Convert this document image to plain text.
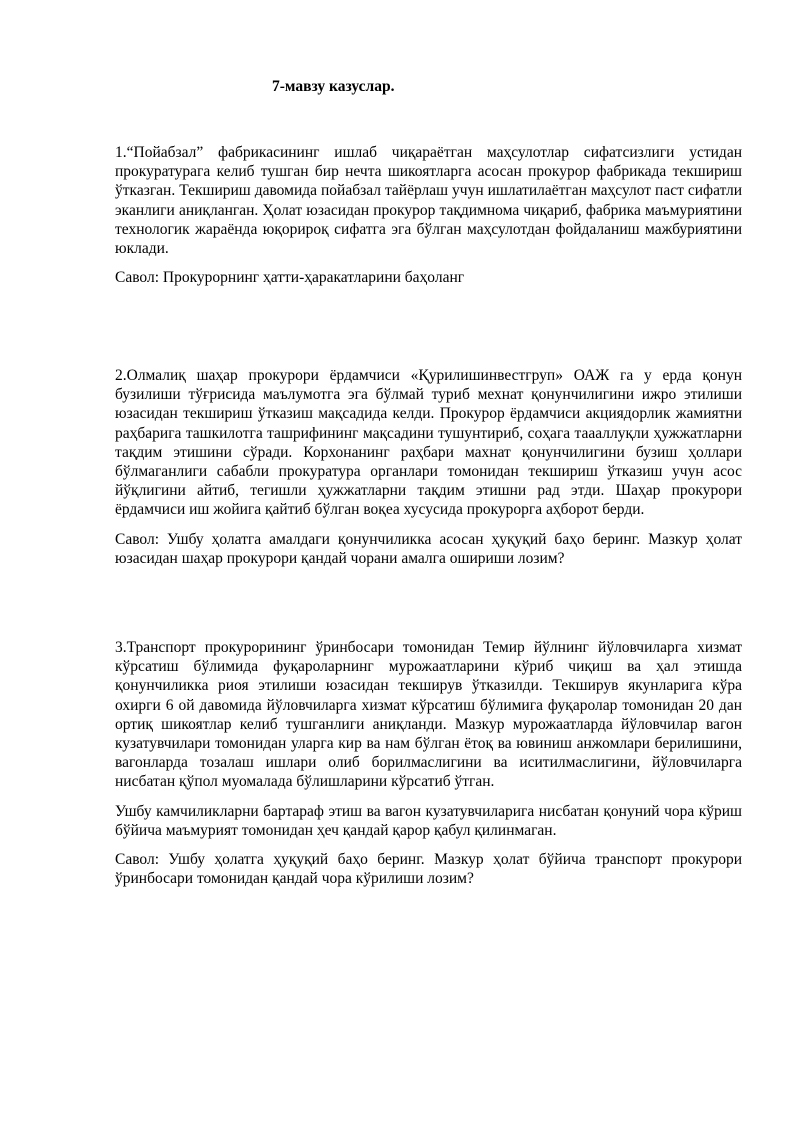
7-мавзу казуслар.

1.“Пойабзал” фабрикасининг ишлаб чиқараётган маҳсулотлар сифатсизлиги устидан прокуратурага келиб тушган бир нечта шикоятларга асосан прокурор фабрикада текшириш ўтказган. Текшириш давомида пойабзал тайёрлаш учун ишлатилаётган маҳсулот паст сифатли эканлиги аниқланган. Ҳолат юзасидан прокурор тақдимнома чиқариб, фабрика маъмуриятини технологик жараёнда юқорироқ сифатга эга бўлган маҳсулотдан фойдаланиш мажбуриятини юклади.

Савол: Прокурорнинг ҳатти-ҳаракатларини баҳоланг

2.Олмалиқ шаҳар прокурори ёрдамчиси «Қурилишинвестгруп» ОАЖ га у ерда қонун бузилиши тўғрисида маълумотга эга бўлмай туриб мехнат қонунчилигини ижро этилиши юзасидан текшириш ўтказиш мақсадида келди. Прокурор ёрдамчиси акциядорлик жамиятни раҳбарига ташкилотга ташрифининг мақсадини тушунтириб, соҳага таааллуқли ҳужжатларни тақдим этишини сўради. Корхонанинг раҳбари махнат қонунчилигини бузиш ҳоллари бўлмаганлиги сабабли прокуратура органлари томонидан текшириш ўтказиш учун асос йўқлигини айтиб, тегишли ҳужжатларни тақдим этишни рад этди. Шаҳар прокурори ёрдамчиси иш жойига қайтиб бўлган воқеа хусусида прокурорга аҳборот берди.

Савол: Ушбу ҳолатга амалдаги қонунчиликка асосан ҳуқуқий баҳо беринг. Мазкур ҳолат юзасидан шаҳар прокурори қандай чорани амалга ошириши лозим?

3.Транспорт прокурорининг ўринбосари томонидан Темир йўлнинг йўловчиларга хизмат кўрсатиш бўлимида фуқароларнинг мурожаатларини кўриб чиқиш ва ҳал этишда қонунчиликка риоя этилиши юзасидан текширув ўтказилди. Текширув якунларига кўра охирги 6 ой давомида йўловчиларга хизмат кўрсатиш бўлимига фуқаролар томонидан 20 дан ортиқ шикоятлар келиб тушганлиги аниқланди. Мазкур мурожаатларда йўловчилар вагон кузатувчилари томонидан уларга кир ва нам бўлган ётоқ ва ювиниш анжомлари берилишини, вагонларда тозалаш ишлари олиб борилмаслигини ва иситилмаслигини, йўловчиларга нисбатан қўпол муомалада бўлишларини кўрсатиб ўтган.

Ушбу камчиликларни бартараф этиш ва вагон кузатувчиларига нисбатан қонуний чора кўриш бўйича маъмурият томонидан ҳеч қандай қарор қабул қилинмаган.

Савол: Ушбу ҳолатга ҳуқуқий баҳо беринг. Мазкур ҳолат бўйича транспорт прокурори ўринбосари томонидан қандай чора кўрилиши лозим?
